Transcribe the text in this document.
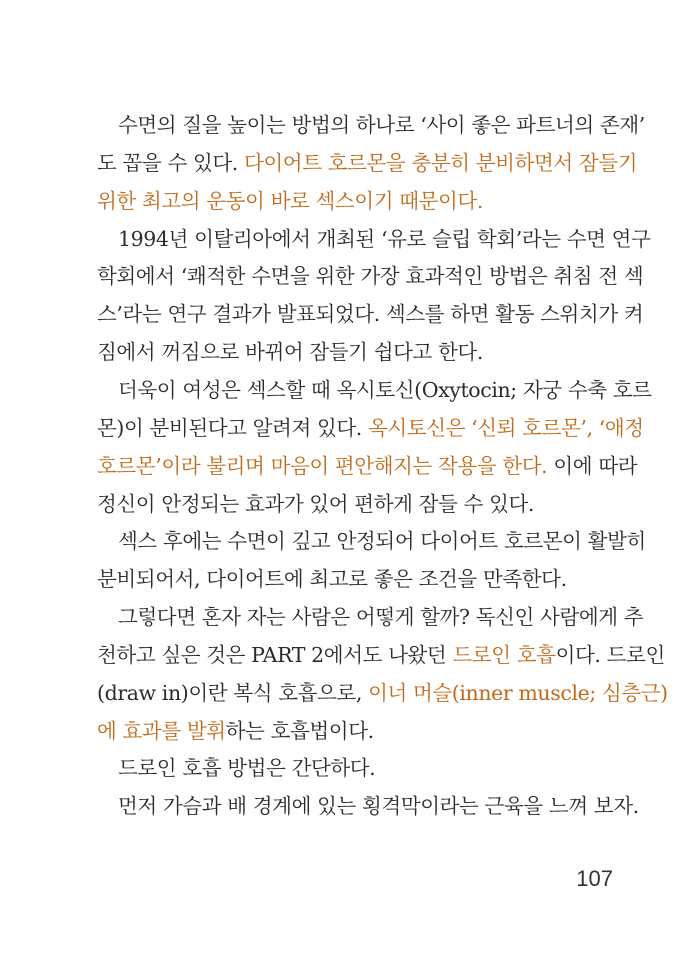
수면의 질을 높이는 방법의 하나로 ‘사이 좋은 파트너의 존재’
도 꼽을 수 있다. 다이어트 호르몬을 충분히 분비하면서 잠들기
위한 최고의 운동이 바로 섹스이기 때문이다.
1994년 이탈리아에서 개최된 ‘유로 슬립 학회’라는 수면 연구
학회에서 ‘쾌적한 수면을 위한 가장 효과적인 방법은 취침 전 섹
스’라는 연구 결과가 발표되었다. 섹스를 하면 활동 스위치가 켜
짐에서 꺼짐으로 바뀌어 잠들기 쉽다고 한다.
더욱이 여성은 섹스할 때 옥시토신(Oxytocin; 자궁 수축 호르
몬)이 분비된다고 알려져 있다. 옥시토신은 ‘신뢰 호르몬’, ‘애정
호르몬’이라 불리며 마음이 편안해지는 작용을 한다. 이에 따라
정신이 안정되는 효과가 있어 편하게 잠들 수 있다.
섹스 후에는 수면이 깊고 안정되어 다이어트 호르몬이 활발히
분비되어서, 다이어트에 최고로 좋은 조건을 만족한다.
그렇다면 혼자 자는 사람은 어떻게 할까? 독신인 사람에게 추
천하고 싶은 것은 PART 2에서도 나왔던 드로인 호흡이다. 드로인
(draw in)이란 복식 호흡으로, 이너 머슬(inner muscle; 심층근)
에 효과를 발휘하는 호흡법이다.
드로인 호흡 방법은 간단하다.
먼저 가슴과 배 경계에 있는 횡격막이라는 근육을 느껴 보자.
107
